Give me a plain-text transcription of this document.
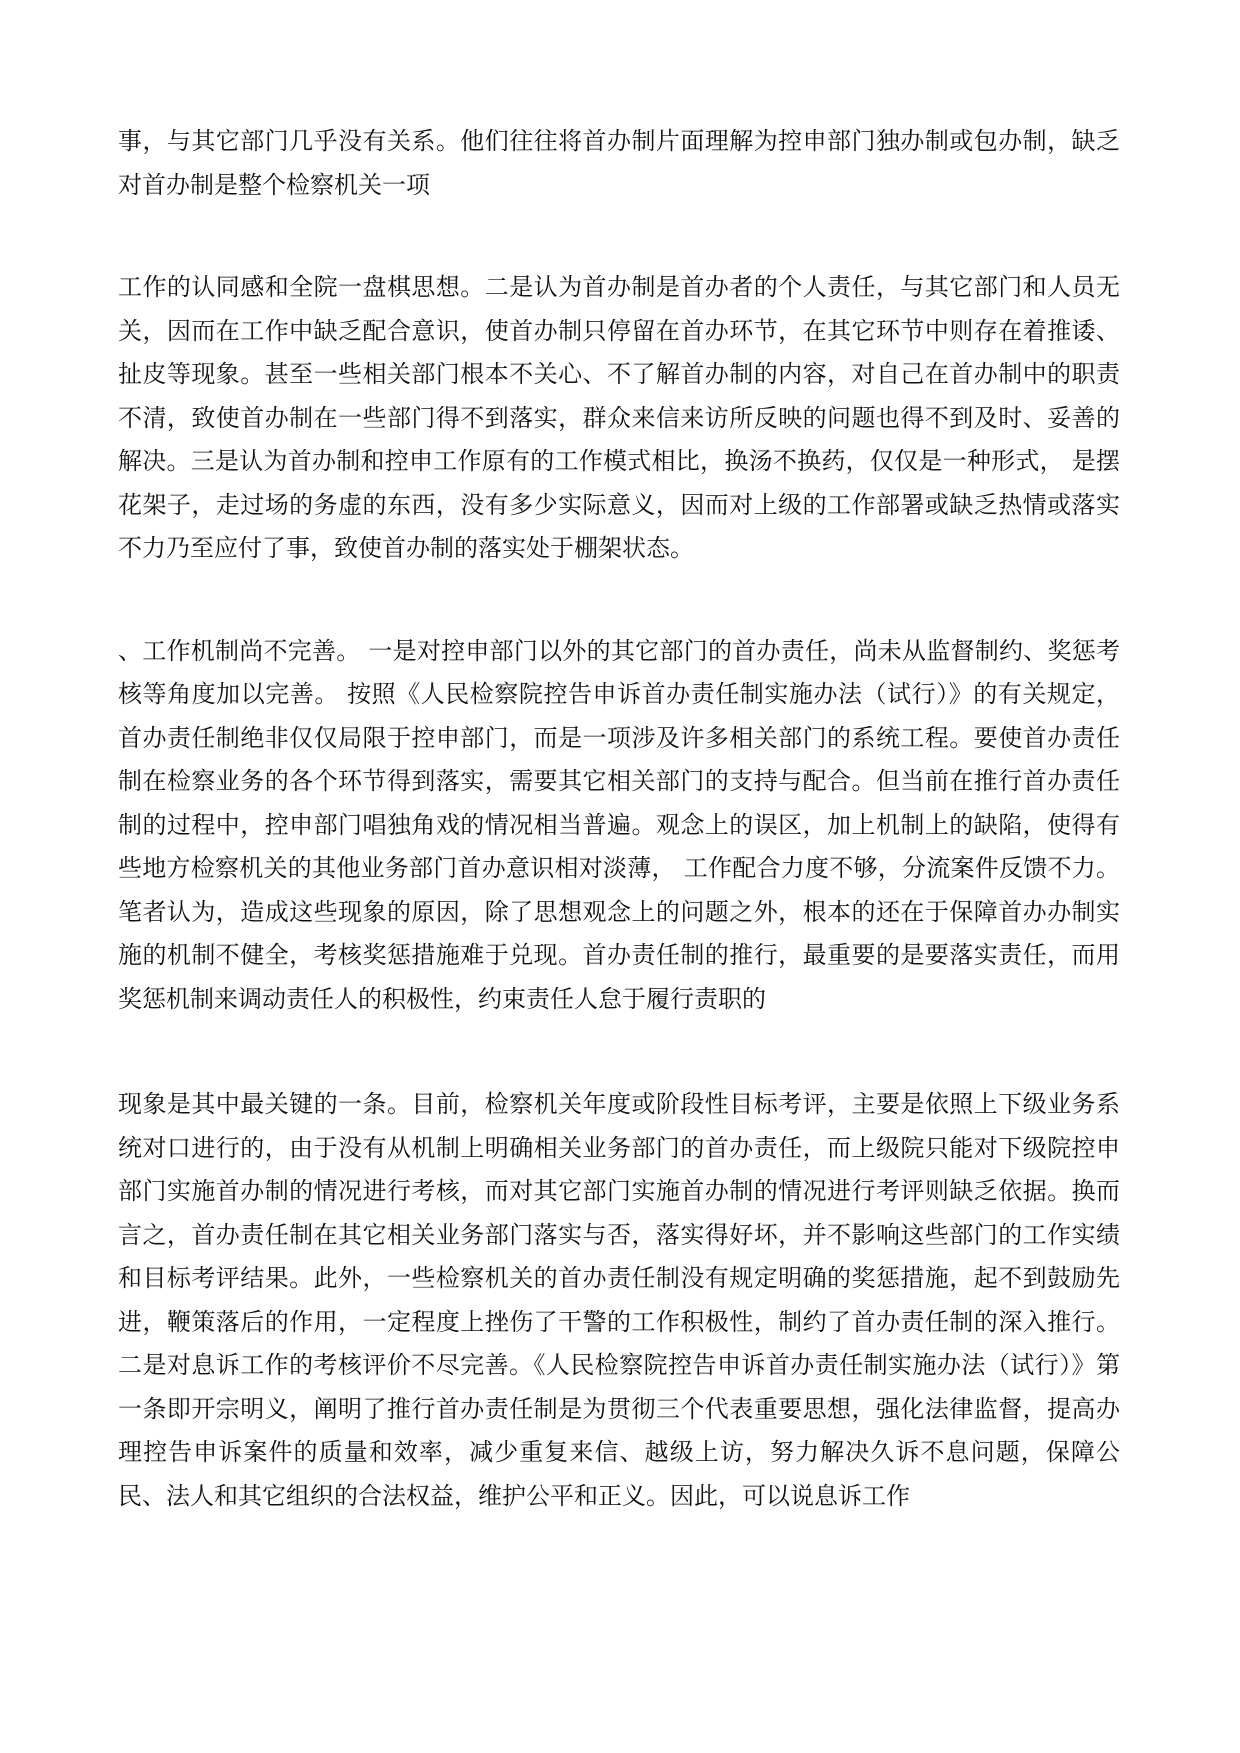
事，与其它部门几乎没有关系。他们往往将首办制片面理解为控申部门独办制或包办制，缺乏对首办制是整个检察机关一项

工作的认同感和全院一盘棋思想。二是认为首办制是首办者的个人责任，与其它部门和人员无关，因而在工作中缺乏配合意识，使首办制只停留在首办环节，在其它环节中则存在着推诿、扯皮等现象。甚至一些相关部门根本不关心、不了解首办制的内容，对自己在首办制中的职责不清，致使首办制在一些部门得不到落实，群众来信来访所反映的问题也得不到及时、妥善的解决。三是认为首办制和控申工作原有的工作模式相比，换汤不换药，仅仅是一种形式， 是摆花架子，走过场的务虚的东西，没有多少实际意义，因而对上级的工作部署或缺乏热情或落实不力乃至应付了事，致使首办制的落实处于棚架状态。

、工作机制尚不完善。 一是对控申部门以外的其它部门的首办责任，尚未从监督制约、奖惩考核等角度加以完善。 按照《人民检察院控告申诉首办责任制实施办法（试行）》的有关规定，首办责任制绝非仅仅局限于控申部门，而是一项涉及许多相关部门的系统工程。要使首办责任制在检察业务的各个环节得到落实，需要其它相关部门的支持与配合。但当前在推行首办责任制的过程中，控申部门唱独角戏的情况相当普遍。观念上的误区，加上机制上的缺陷，使得有些地方检察机关的其他业务部门首办意识相对淡薄， 工作配合力度不够，分流案件反馈不力。笔者认为，造成这些现象的原因，除了思想观念上的问题之外，根本的还在于保障首办办制实施的机制不健全，考核奖惩措施难于兑现。首办责任制的推行，最重要的是要落实责任，而用奖惩机制来调动责任人的积极性，约束责任人怠于履行责职的

现象是其中最关键的一条。目前，检察机关年度或阶段性目标考评，主要是依照上下级业务系统对口进行的，由于没有从机制上明确相关业务部门的首办责任，而上级院只能对下级院控申部门实施首办制的情况进行考核，而对其它部门实施首办制的情况进行考评则缺乏依据。换而言之，首办责任制在其它相关业务部门落实与否，落实得好坏，并不影响这些部门的工作实绩和目标考评结果。此外，一些检察机关的首办责任制没有规定明确的奖惩措施，起不到鼓励先进，鞭策落后的作用，一定程度上挫伤了干警的工作积极性，制约了首办责任制的深入推行。 二是对息诉工作的考核评价不尽完善。《人民检察院控告申诉首办责任制实施办法（试行）》第一条即开宗明义，阐明了推行首办责任制是为贯彻三个代表重要思想，强化法律监督，提高办理控告申诉案件的质量和效率，减少重复来信、越级上访，努力解决久诉不息问题，保障公民、法人和其它组织的合法权益，维护公平和正义。因此，可以说息诉工作
